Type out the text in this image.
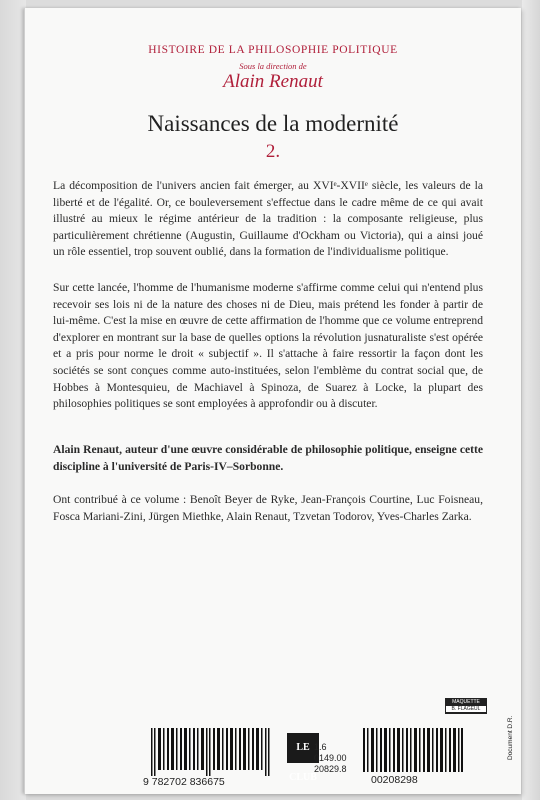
HISTOIRE DE LA PHILOSOPHIE POLITIQUE
Sous la direction de
Alain Renaut
Naissances de la modernité
2.

La décomposition de l'univers ancien fait émerger, au XVIᵉ-XVIIᵉ siècle, les valeurs de la liberté et de l'égalité. Or, ce bouleversement s'effectue dans le cadre même de ce qui avait illustré au mieux le régime antérieur de la tradition : la composante religieuse, plus particulièrement chrétienne (Augustin, Guillaume d'Ockham ou Victoria), qui a ainsi joué un rôle essentiel, trop souvent oublié, dans la formation de l'individualisme politique.

Sur cette lancée, l'homme de l'humanisme moderne s'affirme comme celui qui n'entend plus recevoir ses lois ni de la nature des choses ni de Dieu, mais prétend les fonder à partir de lui-même. C'est la mise en œuvre de cette affirmation de l'homme que ce volume entreprend d'explorer en montrant sur la base de quelles options la révolution jusnaturaliste s'est opérée et a pris pour norme le droit « subjectif ». Il s'attache à faire ressortir la façon dont les sociétés se sont conçues comme auto-instituées, selon l'emblème du contrat social que, de Hobbes à Montesquieu, de Machiavel à Spinoza, de Suarez à Locke, la plupart des philosophies politiques se sont employées à approfondir ou à discuter.

Alain Renaut, auteur d'une œuvre considérable de philosophie politique, enseigne cette discipline à l'université de Paris-IV–Sorbonne.

Ont contribué à ce volume : Benoît Beyer de Ryke, Jean-François Courtine, Luc Foisneau, Fosca Mariani-Zini, Jürgen Miethke, Alain Renaut, Tzvetan Todorov, Yves-Charles Zarka.

MAQUETTE
B. FLAGEUL
9 782702 836675
LE CLUB
1.6
0149.00
20829.8
00208298
Document D.R.
